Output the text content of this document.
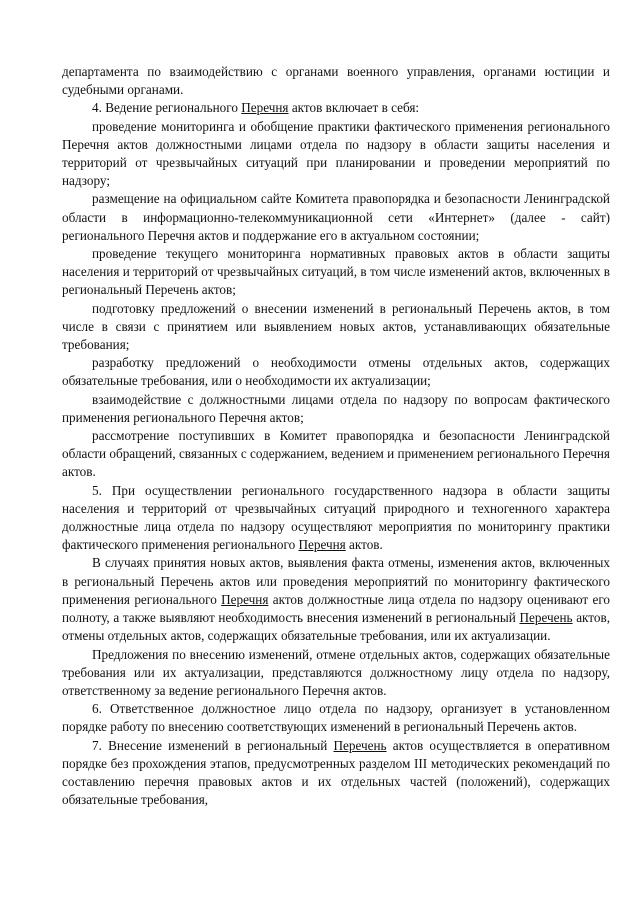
департамента по взаимодействию с органами военного управления, органами юстиции и судебными органами.

4. Ведение регионального Перечня актов включает в себя:

проведение мониторинга и обобщение практики фактического применения регионального Перечня актов должностными лицами отдела по надзору в области защиты населения и территорий от чрезвычайных ситуаций при планировании и проведении мероприятий по надзору;

размещение на официальном сайте Комитета правопорядка и безопасности Ленинградской области в информационно-телекоммуникационной сети «Интернет» (далее - сайт) регионального Перечня актов и поддержание его в актуальном состоянии;

проведение текущего мониторинга нормативных правовых актов в области защиты населения и территорий от чрезвычайных ситуаций, в том числе изменений актов, включенных в региональный Перечень актов;

подготовку предложений о внесении изменений в региональный Перечень актов, в том числе в связи с принятием или выявлением новых актов, устанавливающих обязательные требования;

разработку предложений о необходимости отмены отдельных актов, содержащих обязательные требования, или о необходимости их актуализации;

взаимодействие с должностными лицами отдела по надзору по вопросам фактического применения регионального Перечня актов;

рассмотрение поступивших в Комитет правопорядка и безопасности Ленинградской области обращений, связанных с содержанием, ведением и применением регионального Перечня актов.

5. При осуществлении регионального государственного надзора в области защиты населения и территорий от чрезвычайных ситуаций природного и техногенного характера должностные лица отдела по надзору осуществляют мероприятия по мониторингу практики фактического применения регионального Перечня актов.

В случаях принятия новых актов, выявления факта отмены, изменения актов, включенных в региональный Перечень актов или проведения мероприятий по мониторингу фактического применения регионального Перечня актов должностные лица отдела по надзору оценивают его полноту, а также выявляют необходимость внесения изменений в региональный Перечень актов, отмены отдельных актов, содержащих обязательные требования, или их актуализации.

Предложения по внесению изменений, отмене отдельных актов, содержащих обязательные требования или их актуализации, представляются должностному лицу отдела по надзору, ответственному за ведение регионального Перечня актов.

6. Ответственное должностное лицо отдела по надзору, организует в установленном порядке работу по внесению соответствующих изменений в региональный Перечень актов.

7. Внесение изменений в региональный Перечень актов осуществляется в оперативном порядке без прохождения этапов, предусмотренных разделом III методических рекомендаций по составлению перечня правовых актов и их отдельных частей (положений), содержащих обязательные требования,
